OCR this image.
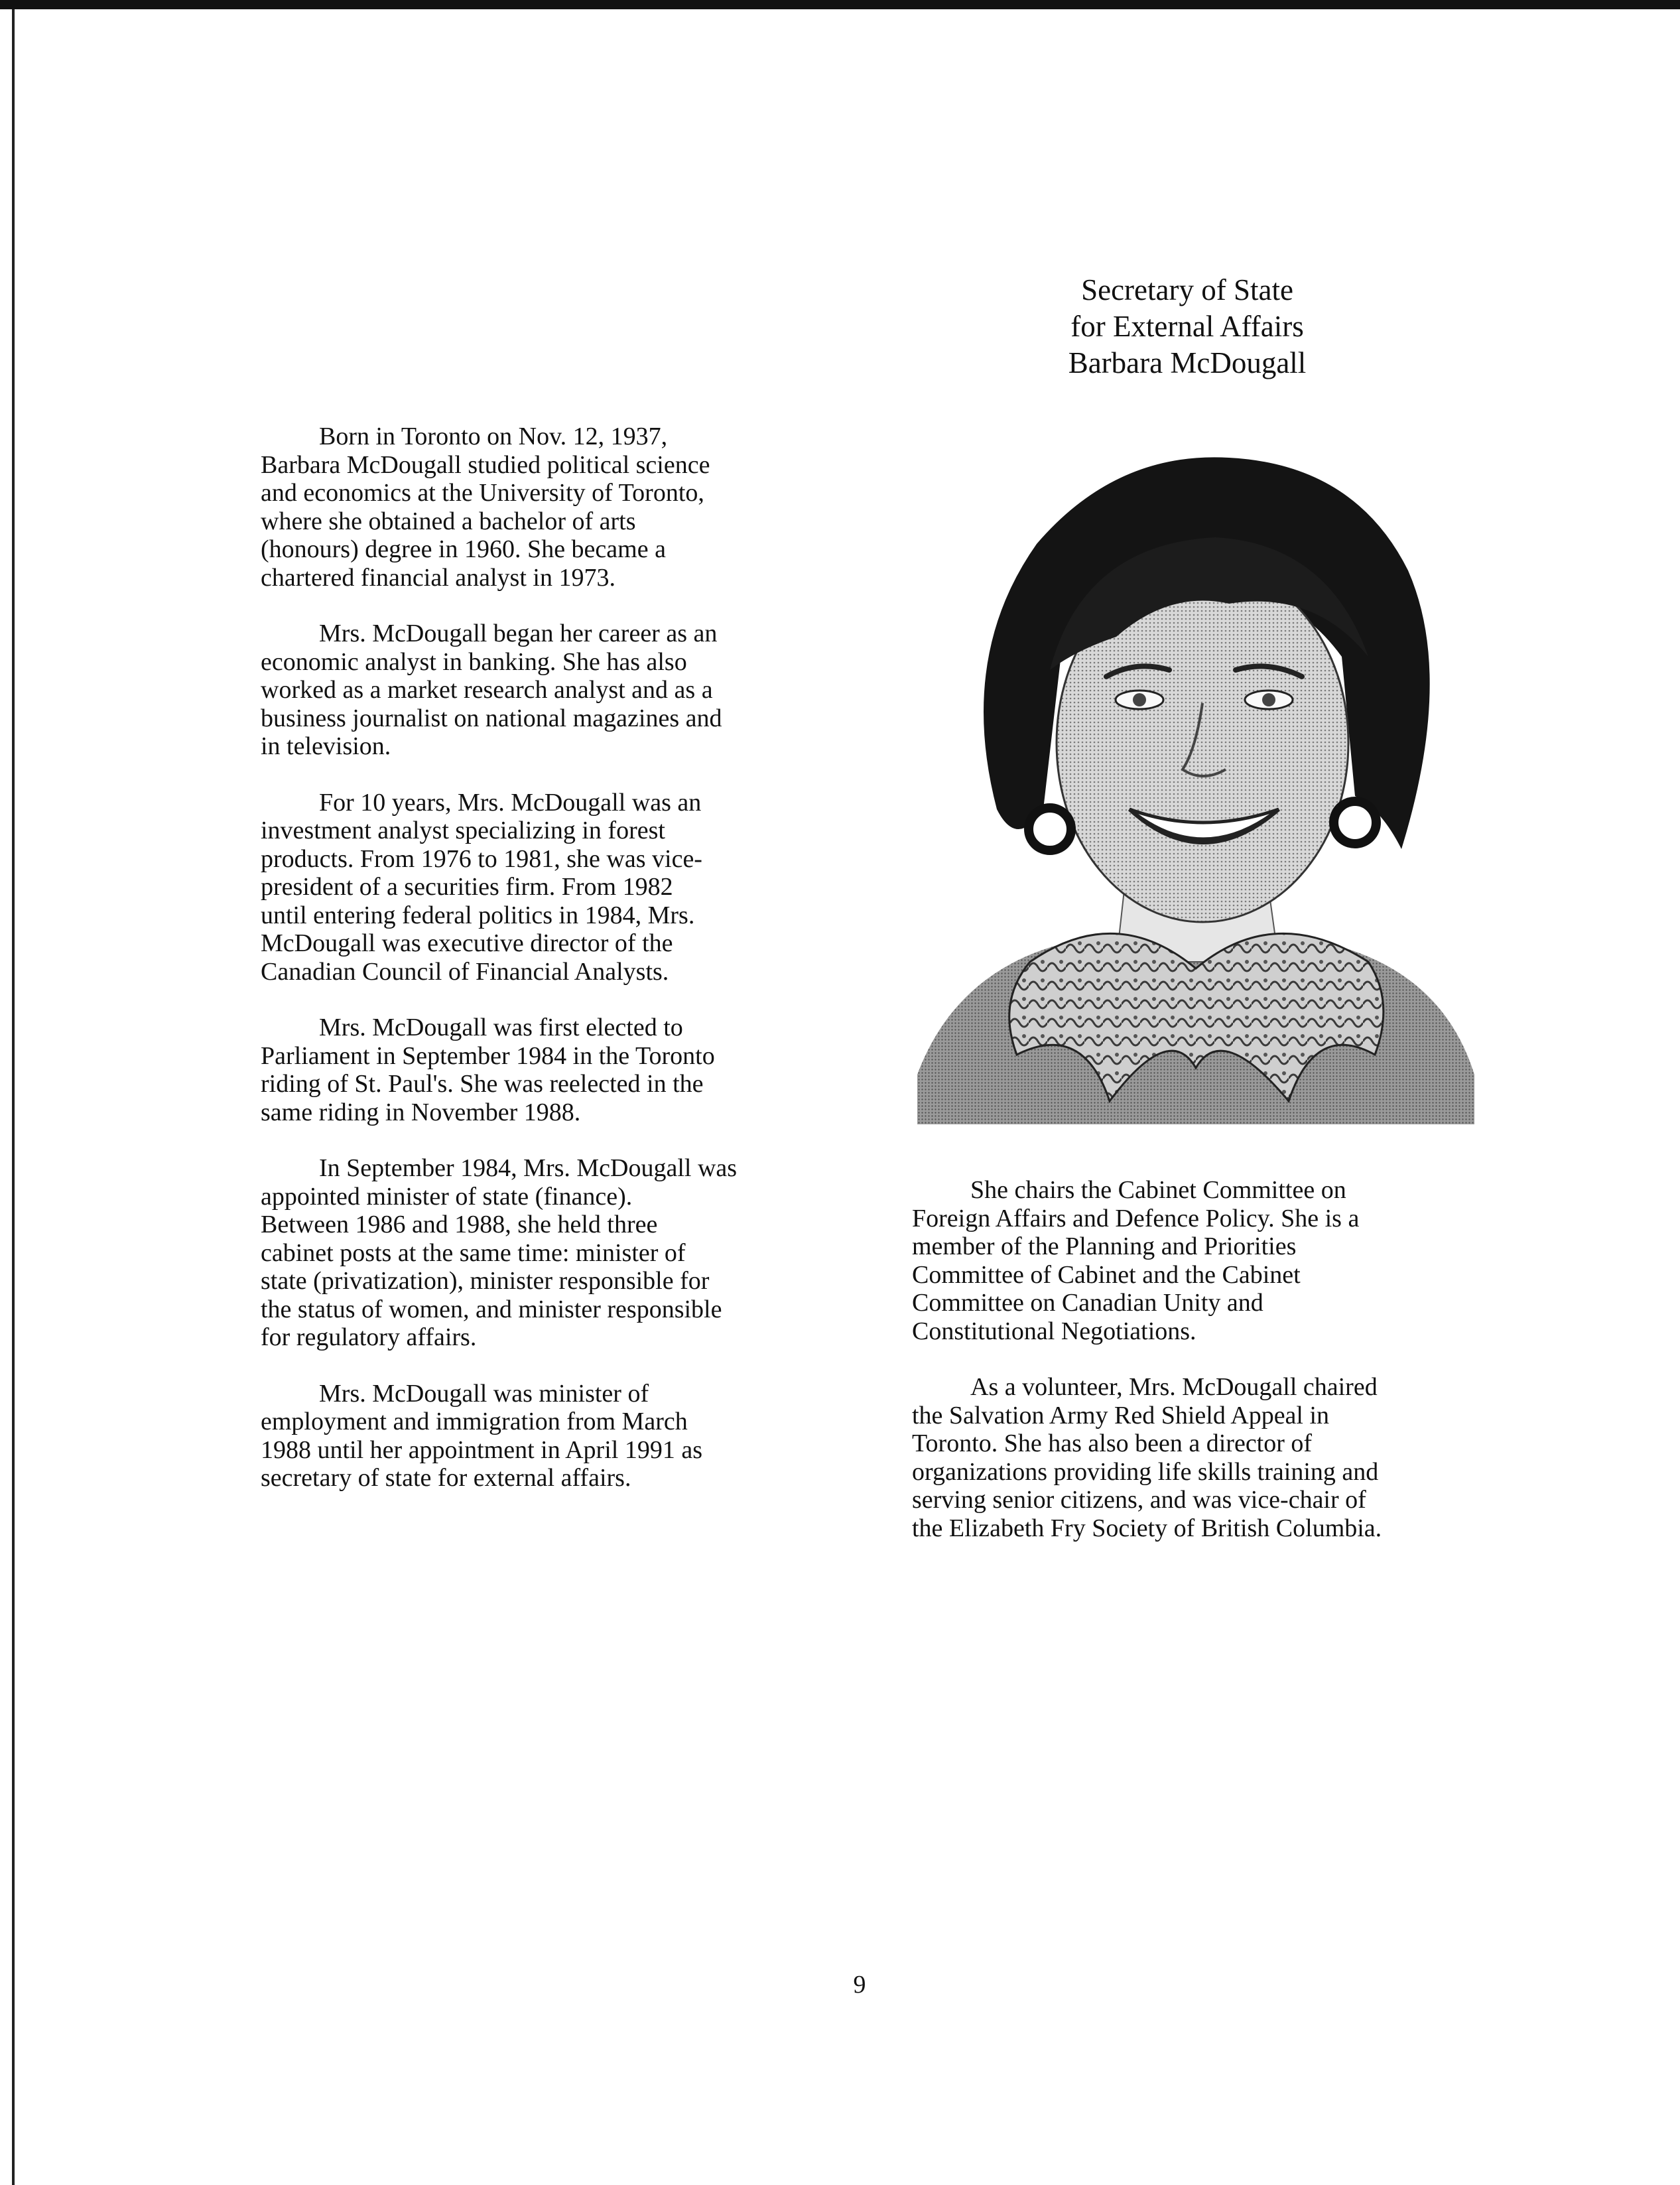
Secretary of State
for External Affairs
Barbara McDougall

Born in Toronto on Nov. 12, 1937,
Barbara McDougall studied political science
and economics at the University of Toronto,
where she obtained a bachelor of arts
(honours) degree in 1960. She became a
chartered financial analyst in 1973.

Mrs. McDougall began her career as an
economic analyst in banking. She has also
worked as a market research analyst and as a
business journalist on national magazines and
in television.

For 10 years, Mrs. McDougall was an
investment analyst specializing in forest
products. From 1976 to 1981, she was vice-
president of a securities firm. From 1982
until entering federal politics in 1984, Mrs.
McDougall was executive director of the
Canadian Council of Financial Analysts.

Mrs. McDougall was first elected to
Parliament in September 1984 in the Toronto
riding of St. Paul's. She was reelected in the
same riding in November 1988.

In September 1984, Mrs. McDougall was
appointed minister of state (finance).
Between 1986 and 1988, she held three
cabinet posts at the same time: minister of
state (privatization), minister responsible for
the status of women, and minister responsible
for regulatory affairs.

Mrs. McDougall was minister of
employment and immigration from March
1988 until her appointment in April 1991 as
secretary of state for external affairs.

She chairs the Cabinet Committee on
Foreign Affairs and Defence Policy. She is a
member of the Planning and Priorities
Committee of Cabinet and the Cabinet
Committee on Canadian Unity and
Constitutional Negotiations.

As a volunteer, Mrs. McDougall chaired
the Salvation Army Red Shield Appeal in
Toronto. She has also been a director of
organizations providing life skills training and
serving senior citizens, and was vice-chair of
the Elizabeth Fry Society of British Columbia.

9
